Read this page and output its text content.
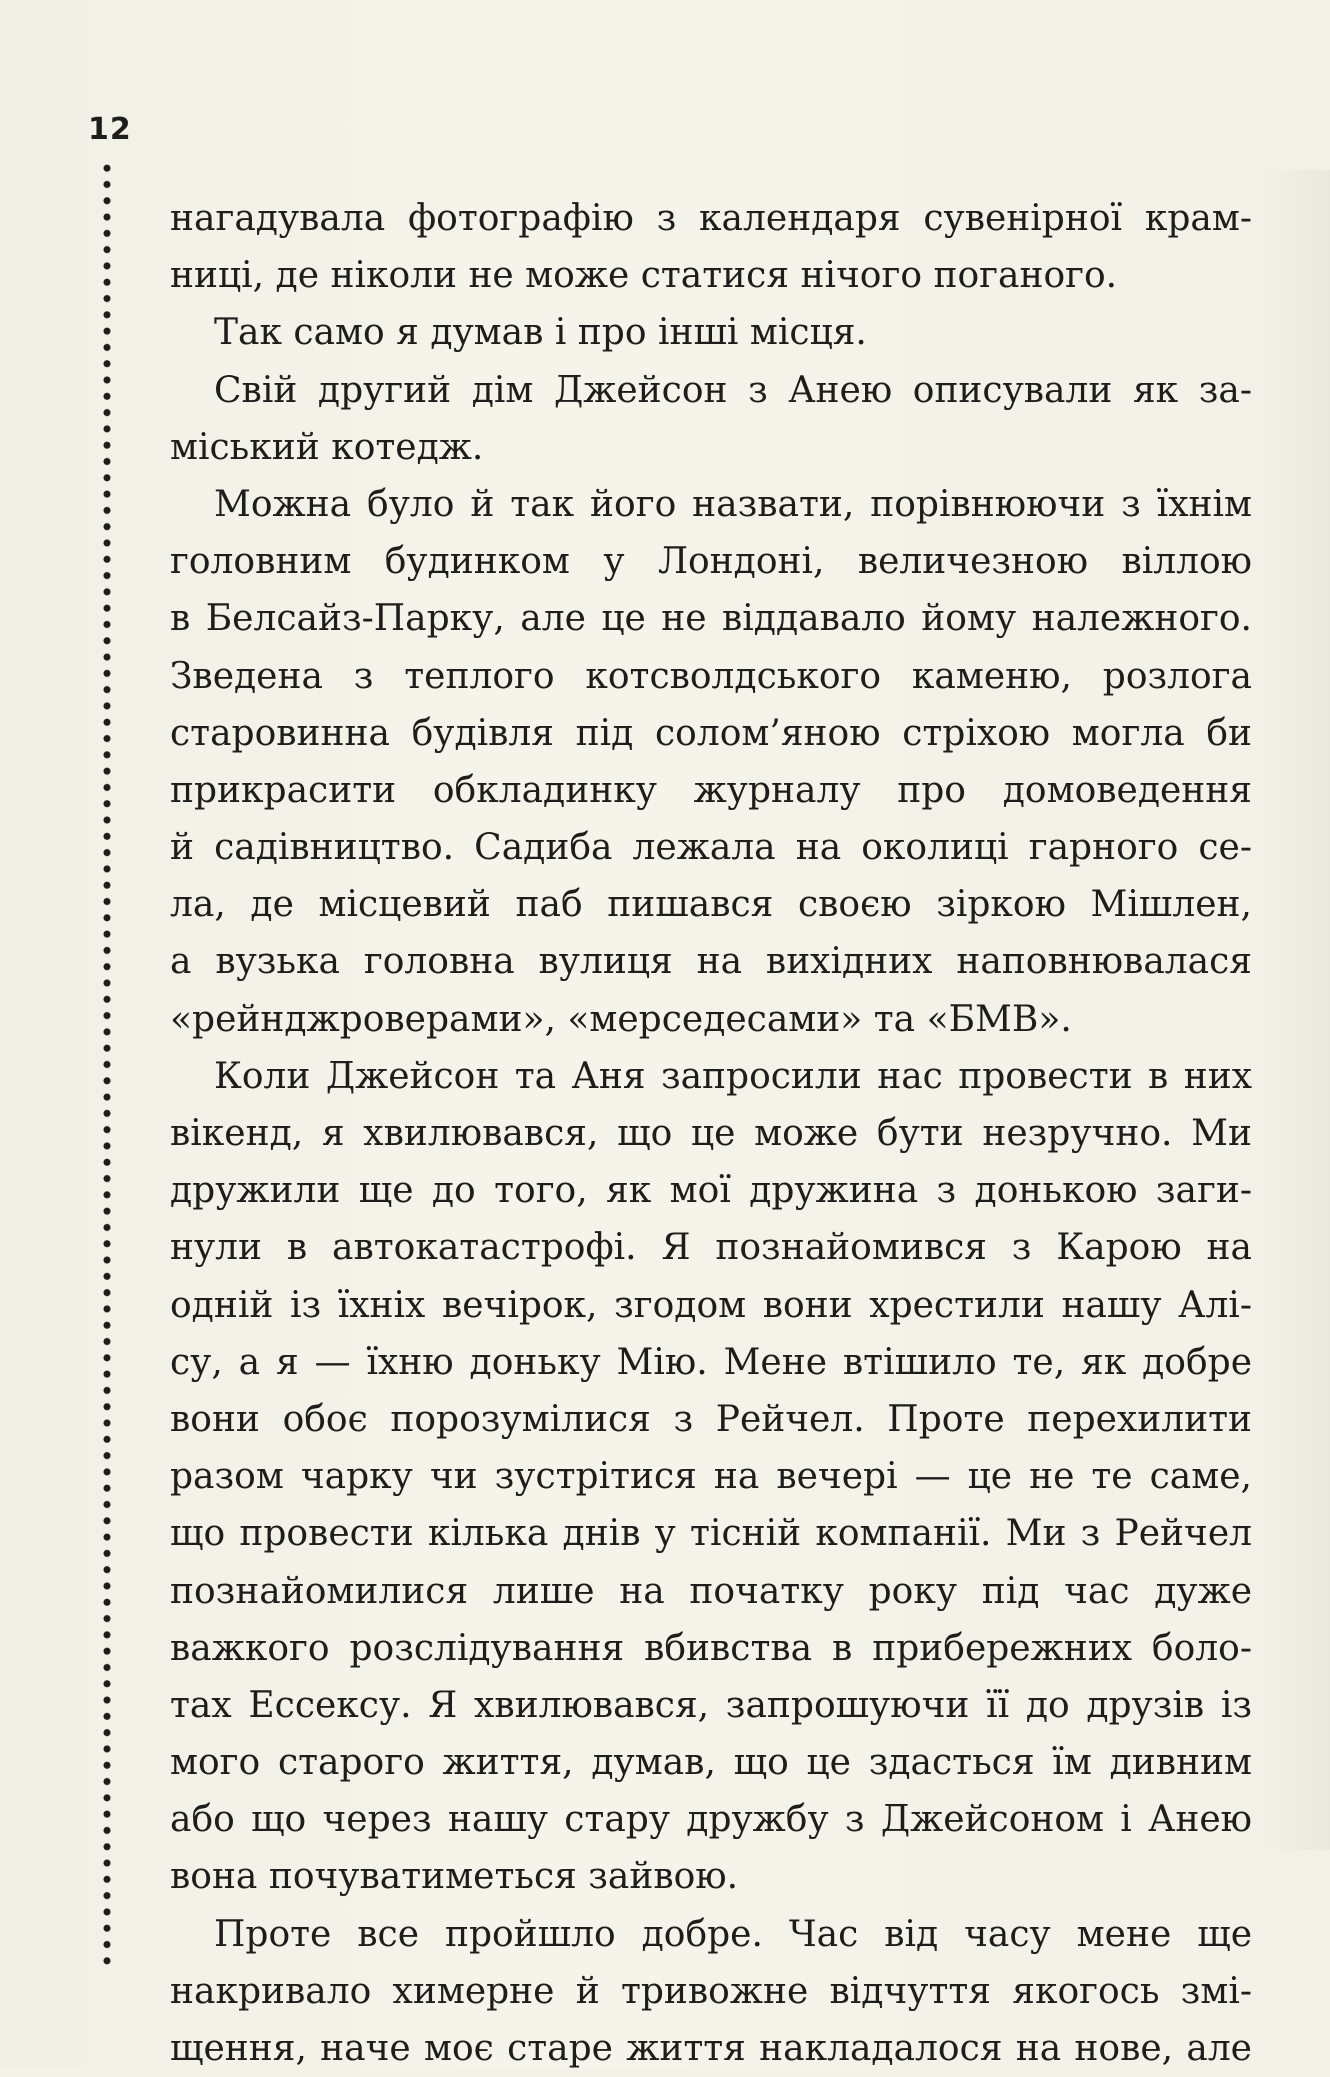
12
нагадувала фотографію з календаря сувенірної крам-
ниці, де ніколи не може статися нічого поганого.
Так само я думав і про інші місця.
Свій другий дім Джейсон з Анею описували як за-
міський котедж.
Можна було й так його назвати, порівнюючи з їхнім
головним будинком у Лондоні, величезною віллою
в Белсайз-Парку, але це не віддавало йому належного.
Зведена з теплого котсволдського каменю, розлога
старовинна будівля під солом’яною стріхою могла би
прикрасити обкладинку журналу про домоведення
й садівництво. Садиба лежала на околиці гарного се-
ла, де місцевий паб пишався своєю зіркою Мішлен,
а вузька головна вулиця на вихідних наповнювалася
«рейнджроверами», «мерседесами» та «БМВ».
Коли Джейсон та Аня запросили нас провести в них
вікенд, я хвилювався, що це може бути незручно. Ми
дружили ще до того, як мої дружина з донькою заги-
нули в автокатастрофі. Я познайомився з Карою на
одній із їхніх вечірок, згодом вони хрестили нашу Алі-
су, а я — їхню доньку Мію. Мене втішило те, як добре
вони обоє порозумілися з Рейчел. Проте перехилити
разом чарку чи зустрітися на вечері — це не те саме,
що провести кілька днів у тісній компанії. Ми з Рейчел
познайомилися лише на початку року під час дуже
важкого розслідування вбивства в прибережних боло-
тах Ессексу. Я хвилювався, запрошуючи її до друзів із
мого старого життя, думав, що це здасться їм дивним
або що через нашу стару дружбу з Джейсоном і Анею
вона почуватиметься зайвою.
Проте все пройшло добре. Час від часу мене ще
накривало химерне й тривожне відчуття якогось змі-
щення, наче моє старе життя накладалося на нове, але
